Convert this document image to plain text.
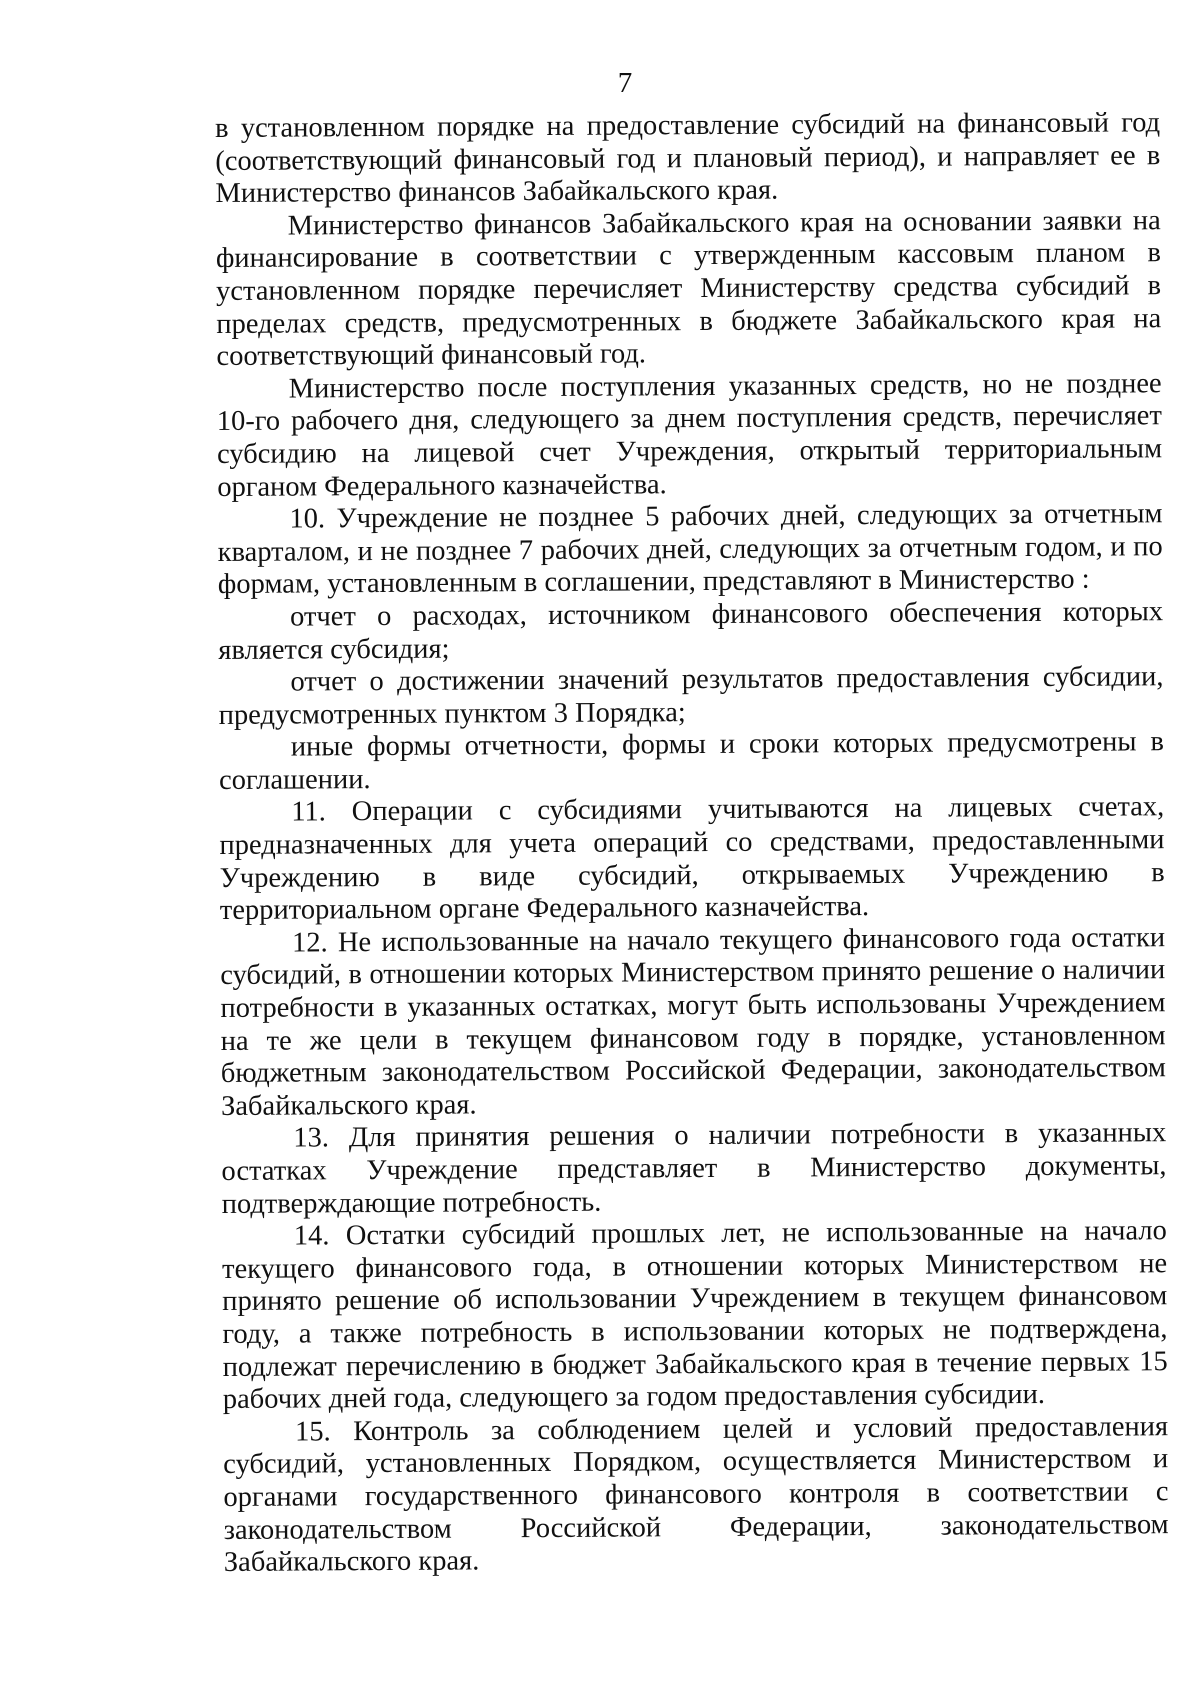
7

в установленном порядке на предоставление субсидий на финансовый год (соответствующий финансовый год и плановый период), и направляет ее в Министерство финансов Забайкальского края.

Министерство финансов Забайкальского края на основании заявки на финансирование в соответствии с утвержденным кассовым планом в установленном порядке перечисляет Министерству средства субсидий в пределах средств, предусмотренных в бюджете Забайкальского края на соответствующий финансовый год.

Министерство после поступления указанных средств, но не позднее 10-го рабочего дня, следующего за днем поступления средств, перечисляет субсидию на лицевой счет Учреждения, открытый территориальным органом Федерального казначейства.

10. Учреждение не позднее 5 рабочих дней, следующих за отчетным кварталом, и не позднее 7 рабочих дней, следующих за отчетным годом, и по формам, установленным в соглашении, представляют в Министерство :

отчет о расходах, источником финансового обеспечения которых является субсидия;

отчет о достижении значений результатов предоставления субсидии, предусмотренных пунктом 3 Порядка;

иные формы отчетности, формы и сроки которых предусмотрены в соглашении.

11. Операции с субсидиями учитываются на лицевых счетах, предназначенных для учета операций со средствами, предоставленными Учреждению в виде субсидий, открываемых Учреждению в территориальном органе Федерального казначейства.

12. Не использованные на начало текущего финансового года остатки субсидий, в отношении которых Министерством принято решение о наличии потребности в указанных остатках, могут быть использованы Учреждением на те же цели в текущем финансовом году в порядке, установленном бюджетным законодательством Российской Федерации, законодательством Забайкальского края.

13. Для принятия решения о наличии потребности в указанных остатках Учреждение представляет в Министерство документы, подтверждающие потребность.

14. Остатки субсидий прошлых лет, не использованные на начало текущего финансового года, в отношении которых Министерством не принято решение об использовании Учреждением в текущем финансовом году, а также потребность в использовании которых не подтверждена, подлежат перечислению в бюджет Забайкальского края в течение первых 15 рабочих дней года, следующего за годом предоставления субсидии.

15. Контроль за соблюдением целей и условий предоставления субсидий, установленных Порядком, осуществляется Министерством и органами государственного финансового контроля в соответствии с законодательством Российской Федерации, законодательством Забайкальского края.
